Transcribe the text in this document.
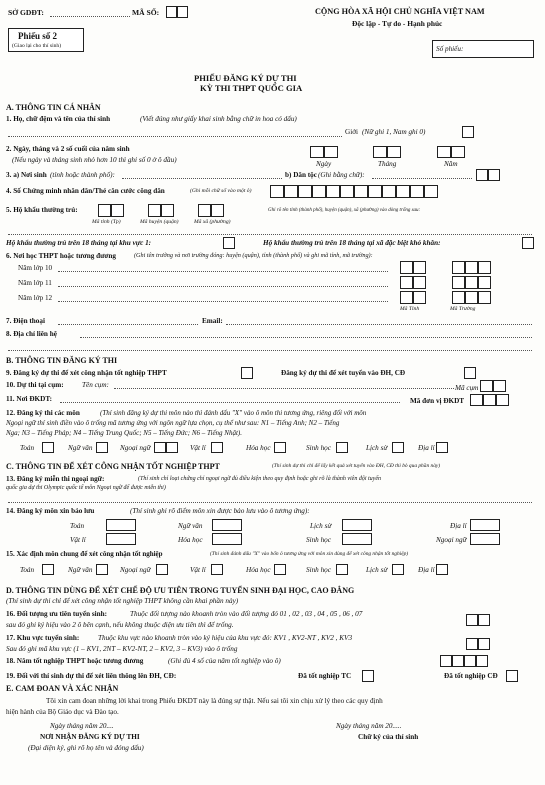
SỞ GDĐT:	MÃ SỐ:	CỘNG HÒA XÃ HỘI CHỦ NGHĨA VIỆT NAM
Độc lập - Tự do - Hạnh phúc
Phiếu số 2
(Giao lại cho thí sinh)	Số phiếu:
PHIẾU ĐĂNG KÝ DỰ THI
KỲ THI THPT QUỐC GIA
A. THÔNG TIN CÁ NHÂN
1. Họ, chữ đệm và tên của thí sinh	(Viết đúng như giấy khai sinh bằng chữ in hoa có dấu)
Giới (Nữ ghi 1, Nam ghi 0)
2. Ngày, tháng và 2 số cuối của năm sinh
(Nếu ngày và tháng sinh nhỏ hơn 10 thì ghi số 0 ở ô đầu)	Ngày	Tháng	Năm
3. a) Nơi sinh (tỉnh hoặc thành phố):	b) Dân tộc (Ghi bằng chữ):
4. Số Chứng minh nhân dân/Thẻ căn cước công dân	(Ghi mỗi chữ số vào một ô)
5. Hộ khẩu thường trú:
Mã tỉnh (Tp)	Mã huyện (quận)	Mã xã (phường)
Ghi rõ tên tỉnh (thành phố), huyện (quận), xã (phường) vào dòng trống sau:
Hộ khẩu thường trú trên 18 tháng tại khu vực 1:	Hộ khẩu thường trú trên 18 tháng tại xã đặc biệt khó khăn:
6. Nơi học THPT hoặc tương đương	(Ghi tên trường và nơi trường đóng: huyện (quận), tỉnh (thành phố) và ghi mã tỉnh, mã trường):
Năm lớp 10
Năm lớp 11
Năm lớp 12
Mã Tỉnh	Mã Trường
7. Điện thoại	Email:
8. Địa chỉ liên hệ
B. THÔNG TIN ĐĂNG KÝ THI
9. Đăng ký dự thi để xét công nhận tốt nghiệp THPT	Đăng ký dự thi để xét tuyển vào ĐH, CĐ
10. Dự thi tại cụm:	Tên cụm:	Mã cụm
11. Nơi ĐKDT:	Mã đơn vị ĐKDT
12. Đăng ký thi các môn	(Thí sinh đăng ký dự thi môn nào thì đánh dấu "X" vào ô môn thi tương ứng, riêng đối với môn
Ngoại ngữ thí sinh điền vào ô trống mã tương ứng với ngôn ngữ lựa chọn, cụ thể như sau: N1 – Tiếng Anh; N2 – Tiếng
Nga; N3 – Tiếng Pháp; N4 – Tiếng Trung Quốc; N5 – Tiếng Đức; N6 – Tiếng Nhật).
Toán	Ngữ văn	Ngoại ngữ	Vật lí	Hóa học	Sinh học	Lịch sử	Địa lí
C. THÔNG TIN ĐỂ XÉT CÔNG NHẬN TỐT NGHIỆP THPT	(Thí sinh dự thi chỉ để lấy kết quả xét tuyển vào ĐH, CĐ thì bỏ qua phần này)
13. Đăng ký miễn thi ngoại ngữ:	(Thí sinh chỉ loại chứng chỉ ngoại ngữ đủ điều kiện theo quy định hoặc ghi rõ là thành viên đội tuyển
quốc gia dự thi Olympic quốc tế môn Ngoại ngữ để được miễn thi)
14. Đăng ký môn xin bảo lưu	(Thí sinh ghi rõ điểm môn xin được bảo lưu vào ô tương ứng):
Toán	Ngữ văn	Lịch sử	Địa lí
Vật lí	Hóa học	Sinh học	Ngoại ngữ
15. Xác định môn chung để xét công nhận tốt nghiệp	(Thí sinh đánh dấu "X" vào bốn ô tương ứng với môn xin dùng để xét công nhận tốt nghiệp)
Toán	Ngữ văn	Ngoại ngữ	Vật lí	Hóa học	Sinh học	Lịch sử	Địa lí
D. THÔNG TIN DÙNG ĐỂ XÉT CHẾ ĐỘ ƯU TIÊN TRONG TUYỂN SINH ĐẠI HỌC, CAO ĐẲNG
(Thí sinh dự thi chỉ để xét công nhận tốt nghiệp THPT không cần khai phần này)
16. Đối tượng ưu tiên tuyển sinh:	Thuộc đối tượng nào khoanh tròn vào đối tượng đó 01 , 02 , 03 , 04 , 05 , 06 , 07
sau đó ghi ký hiệu vào 2 ô bên cạnh, nếu không thuộc diện ưu tiên thì để trống.
17. Khu vực tuyển sinh:	Thuộc khu vực nào khoanh tròn vào ký hiệu của khu vực đó: KV1 , KV2-NT , KV2 , KV3
Sau đó ghi mã khu vực (1 – KV1, 2NT – KV2-NT, 2 – KV2, 3 – KV3) vào ô trống
18. Năm tốt nghiệp THPT hoặc tương đương	(Ghi đủ 4 số của năm tốt nghiệp vào ô)
19. Đối với thí sinh dự thi để xét liên thông lên ĐH, CĐ:	Đã tốt nghiệp TC	Đã tốt nghiệp CĐ
E. CAM ĐOAN VÀ XÁC NHẬN
Tôi xin cam đoan những lời khai trong Phiếu ĐKDT này là đúng sự thật. Nếu sai tôi xin chịu xử lý theo các quy định
hiện hành của Bộ Giáo dục và Đào tạo.
Ngày tháng năm 20....	Ngày tháng năm 20.....
NƠI NHẬN ĐĂNG KÝ DỰ THI
(Đại diện ký, ghi rõ họ tên và đóng dấu)
Chữ ký của thí sinh
